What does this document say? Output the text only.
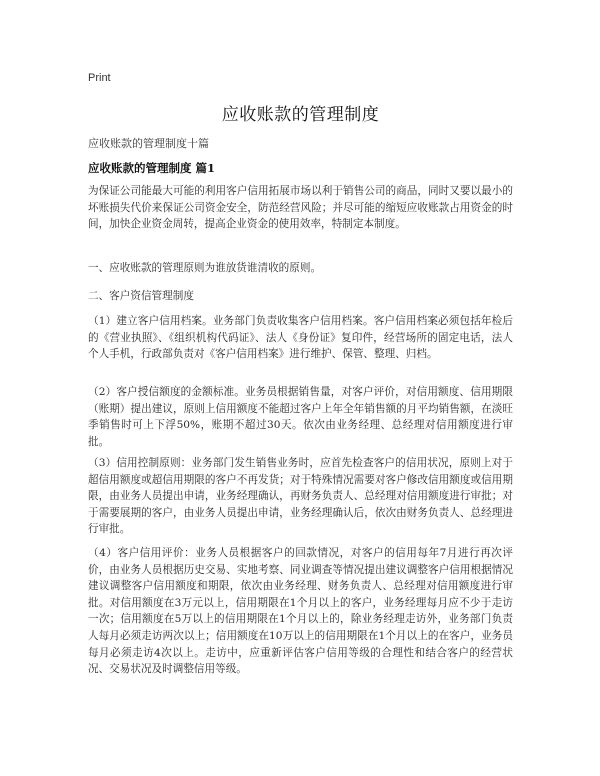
Print
应收账款的管理制度
应收账款的管理制度十篇
应收账款的管理制度 篇1

为保证公司能最大可能的利用客户信用拓展市场以利于销售公司的商品，同时又要以最小的坏账损失代价来保证公司资金安全，防范经营风险；并尽可能的缩短应收账款占用资金的时间，加快企业资金周转，提高企业资金的使用效率，特制定本制度。

一、应收账款的管理原则为谁放货谁清收的原则。

二、客户资信管理制度

（1）建立客户信用档案。业务部门负责收集客户信用档案。客户信用档案必须包括年检后的《营业执照》、《组织机构代码证》、法人《身份证》复印件，经营场所的固定电话，法人个人手机，行政部负责对《客户信用档案》进行维护、保管、整理、归档。

（2）客户授信额度的金额标准。业务员根据销售量，对客户评价，对信用额度、信用期限（账期）提出建议，原则上信用额度不能超过客户上年全年销售额的月平均销售额，在淡旺季销售时可上下浮50%，账期不超过30天。依次由业务经理、总经理对信用额度进行审批。

（3）信用控制原则：业务部门发生销售业务时，应首先检查客户的信用状况，原则上对于超信用额度或超信用期限的客户不再发货；对于特殊情况需要对客户修改信用额度或信用期限，由业务人员提出申请，业务经理确认，再财务负责人、总经理对信用额度进行审批；对于需要展期的客户，由业务人员提出申请，业务经理确认后，依次由财务负责人、总经理进行审批。

（4）客户信用评价：业务人员根据客户的回款情况，对客户的信用每年7月进行再次评价，由业务人员根据历史交易、实地考察、同业调查等情况提出建议调整客户信用根据情况建议调整客户信用额度和期限，依次由业务经理、财务负责人、总经理对信用额度进行审批。对信用额度在3万元以上，信用期限在1个月以上的客户，业务经理每月应不少于走访一次；信用额度在5万以上的信用期限在1个月以上的，除业务经理走访外，业务部门负责人每月必须走访两次以上；信用额度在10万以上的信用期限在1个月以上的在客户，业务员每月必须走访4次以上。走访中，应重新评估客户信用等级的合理性和结合客户的经营状况、交易状况及时调整信用等级。
